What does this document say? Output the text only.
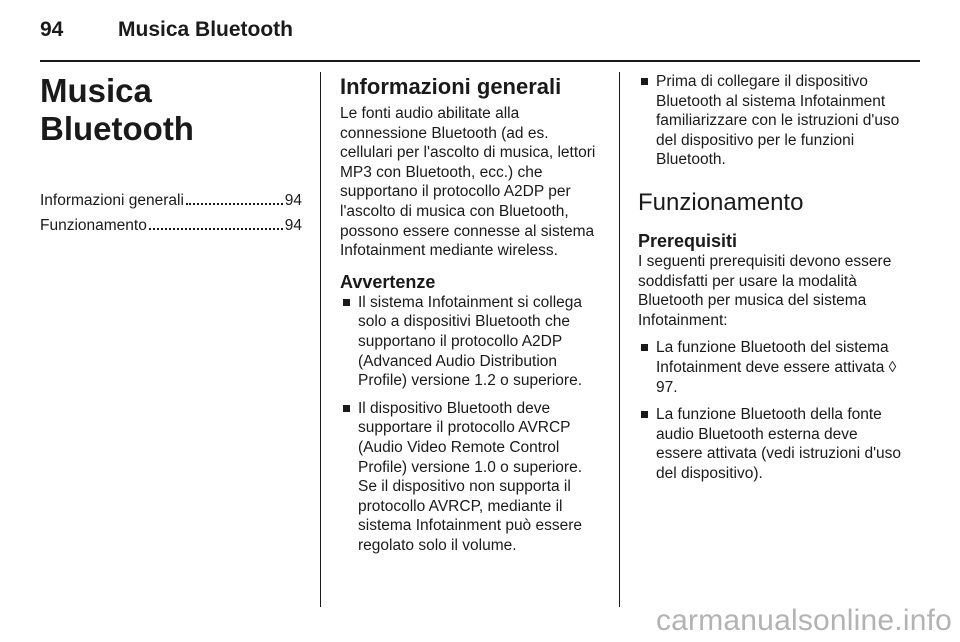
94	Musica Bluetooth
Musica Bluetooth
Informazioni generali	94
Funzionamento	94
Informazioni generali

Le fonti audio abilitate alla connessione Bluetooth (ad es. cellulari per l'ascolto di musica, lettori MP3 con Bluetooth, ecc.) che supportano il protocollo A2DP per l'ascolto di musica con Bluetooth, possono essere connesse al sistema Infotainment mediante wireless.

Avvertenze
Il sistema Infotainment si collega solo a dispositivi Bluetooth che supportano il protocollo A2DP (Advanced Audio Distribution Profile) versione 1.2 o superiore.
Il dispositivo Bluetooth deve supportare il protocollo AVRCP (Audio Video Remote Control Profile) versione 1.0 o superiore. Se il dispositivo non supporta il protocollo AVRCP, mediante il sistema Infotainment può essere regolato solo il volume.
Prima di collegare il dispositivo Bluetooth al sistema Infotainment familiarizzare con le istruzioni d'uso del dispositivo per le funzioni Bluetooth.
Funzionamento
Prerequisiti

I seguenti prerequisiti devono essere soddisfatti per usare la modalità Bluetooth per musica del sistema Infotainment:

La funzione Bluetooth del sistema Infotainment deve essere attivata ◊ 97.
La funzione Bluetooth della fonte audio Bluetooth esterna deve essere attivata (vedi istruzioni d'uso del dispositivo).
carmanualsonline.info
